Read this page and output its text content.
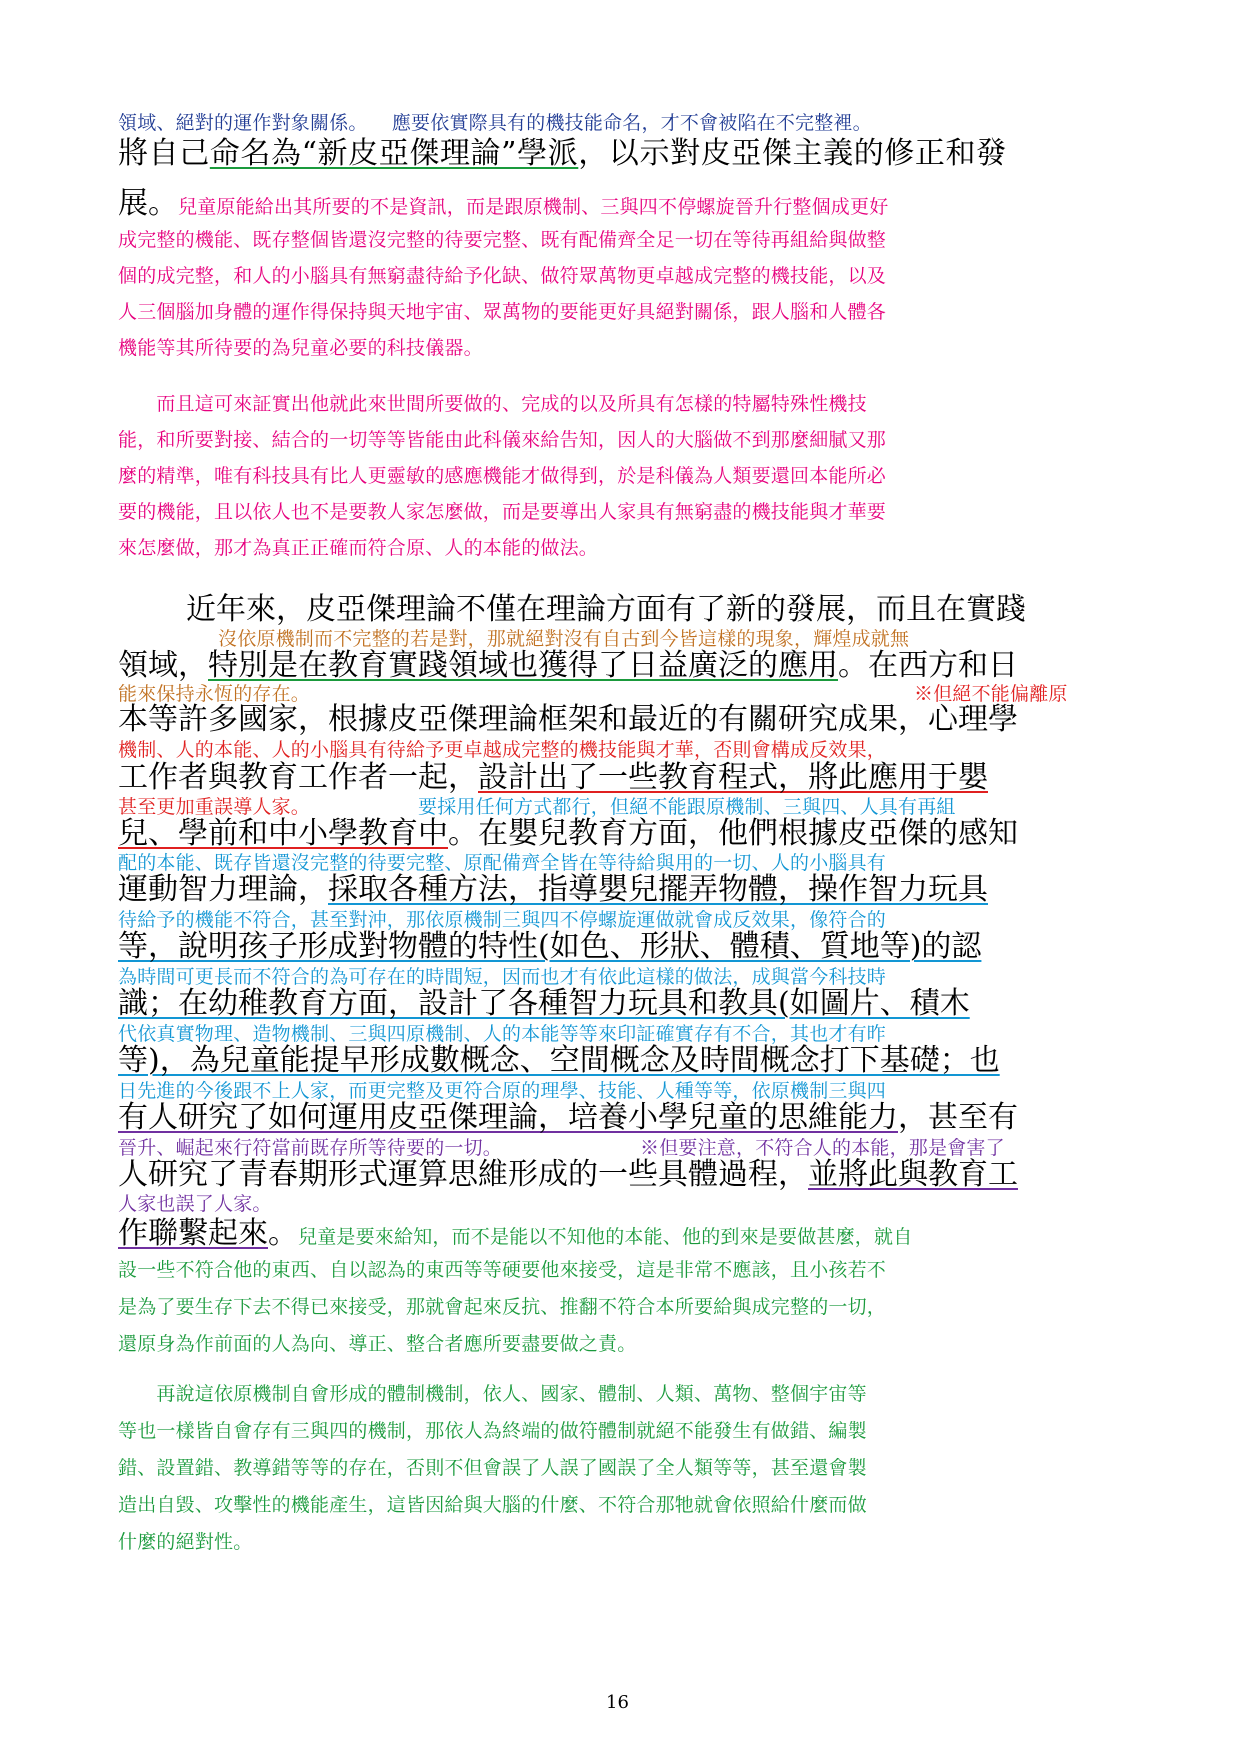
領域、絕對的運作對象關係。 應要依實際具有的機技能命名，才不會被陷在不完整裡。
將自己命名為“新皮亞傑理論”學派，以示對皮亞傑主義的修正和發
展。兒童原能給出其所要的不是資訊，而是跟原機制、三與四不停螺旋晉升行整個成更好

成完整的機能、既存整個皆還沒完整的待要完整、既有配備齊全足一切在等待再組給與做整

個的成完整，和人的小腦具有無窮盡待給予化缺、做符眾萬物更卓越成完整的機技能，以及

人三個腦加身體的運作得保持與天地宇宙、眾萬物的要能更好具絕對關係，跟人腦和人體各

機能等其所待要的為兒童必要的科技儀器。

　　而且這可來証實出他就此來世間所要做的、完成的以及所具有怎樣的特屬特殊性機技

能，和所要對接、結合的一切等等皆能由此科儀來給告知，因人的大腦做不到那麼細膩又那

麼的精準，唯有科技具有比人更靈敏的感應機能才做得到，於是科儀為人類要還回本能所必

要的機能，且以依人也不是要教人家怎麼做，而是要導出人家具有無窮盡的機技能與才華要

來怎麼做，那才為真正正確而符合原、人的本能的做法。

近年來，皮亞傑理論不僅在理論方面有了新的發展，而且在實踐
沒依原機制而不完整的若是對，那就絕對沒有自古到今皆這樣的現象，輝煌成就無
領域，特別是在教育實踐領域也獲得了日益廣泛的應用。在西方和日
能來保持永恆的存在。	※但絕不能偏離原
本等許多國家，根據皮亞傑理論框架和最近的有關研究成果，心理學
機制、人的本能、人的小腦具有待給予更卓越成完整的機技能與才華，否則會構成反效果，
工作者與教育工作者一起，設計出了一些教育程式，將此應用于嬰
甚至更加重誤導人家。	要採用任何方式都行，但絕不能跟原機制、三與四、人具有再組
兒、學前和中小學教育中。在嬰兒教育方面，他們根據皮亞傑的感知
配的本能、既存皆還沒完整的待要完整、原配備齊全皆在等待給與用的一切、人的小腦具有
運動智力理論，採取各種方法，指導嬰兒擺弄物體，操作智力玩具
待給予的機能不符合，甚至對沖，那依原機制三與四不停螺旋運做就會成反效果，像符合的
等，說明孩子形成對物體的特性(如色、形狀、體積、質地等)的認
為時間可更長而不符合的為可存在的時間短，因而也才有依此這樣的做法，成與當今科技時
識；在幼稚教育方面，設計了各種智力玩具和教具(如圖片、積木
代依真實物理、造物機制、三與四原機制、人的本能等等來印証確實存有不合，其也才有昨
等)，為兒童能提早形成數概念、空間概念及時間概念打下基礎；也
日先進的今後跟不上人家，而更完整及更符合原的理學、技能、人種等等，依原機制三與四
有人研究了如何運用皮亞傑理論，培養小學兒童的思維能力，甚至有
晉升、崛起來行符當前既存所等待要的一切。	※但要注意，不符合人的本能，那是會害了
人研究了青春期形式運算思維形成的一些具體過程，並將此與教育工
人家也誤了人家。
作聯繫起來。兒童是要來給知，而不是能以不知他的本能、他的到來是要做甚麼，就自

設一些不符合他的東西、自以認為的東西等等硬要他來接受，這是非常不應該，且小孩若不

是為了要生存下去不得已來接受，那就會起來反抗、推翻不符合本所要給與成完整的一切，

還原身為作前面的人為向、導正、整合者應所要盡要做之責。

　　再說這依原機制自會形成的體制機制，依人、國家、體制、人類、萬物、整個宇宙等

等也一樣皆自會存有三與四的機制，那依人為終端的做符體制就絕不能發生有做錯、編製

錯、設置錯、教導錯等等的存在，否則不但會誤了人誤了國誤了全人類等等，甚至還會製

造出自毀、攻擊性的機能產生，這皆因給與大腦的什麼、不符合那牠就會依照給什麼而做

什麼的絕對性。

16
